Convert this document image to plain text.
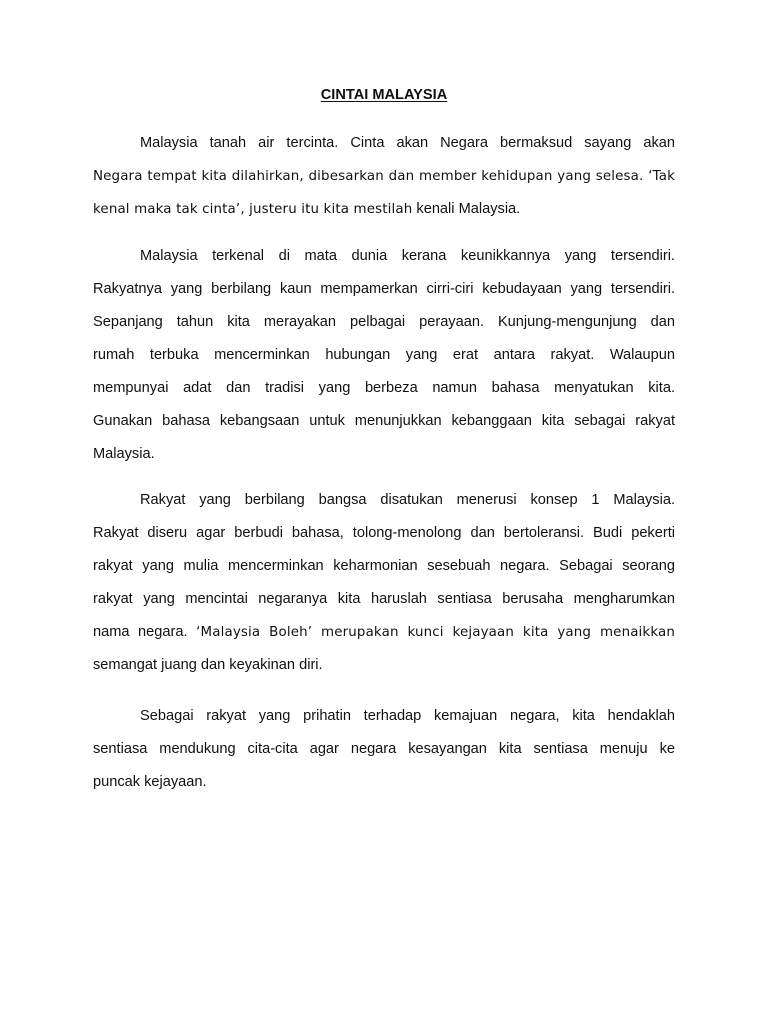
CINTAI MALAYSIA

Malaysia tanah air tercinta. Cinta akan Negara bermaksud sayang akan
Negara tempat kita dilahirkan, dibesarkan dan member kehidupan yang selesa. ‘Tak
kenal maka tak cinta’, justeru itu kita mestilah kenali Malaysia.

Malaysia terkenal di mata dunia kerana keunikkannya yang tersendiri.
Rakyatnya yang berbilang kaun mempamerkan cirri-ciri kebudayaan yang tersendiri.
Sepanjang tahun kita merayakan pelbagai perayaan. Kunjung-mengunjung dan
rumah terbuka mencerminkan hubungan yang erat antara rakyat. Walaupun
mempunyai adat dan tradisi yang berbeza namun bahasa menyatukan kita.
Gunakan bahasa kebangsaan untuk menunjukkan kebanggaan kita sebagai rakyat
Malaysia.

Rakyat yang berbilang bangsa disatukan menerusi konsep 1 Malaysia.
Rakyat diseru agar berbudi bahasa, tolong-menolong dan bertoleransi. Budi pekerti
rakyat yang mulia mencerminkan keharmonian sesebuah negara. Sebagai seorang
rakyat yang mencintai negaranya kita haruslah sentiasa berusaha mengharumkan
nama negara. ‘Malaysia Boleh’ merupakan kunci kejayaan kita yang menaikkan
semangat juang dan keyakinan diri.

Sebagai rakyat yang prihatin terhadap kemajuan negara, kita hendaklah
sentiasa mendukung cita-cita agar negara kesayangan kita sentiasa menuju ke
puncak kejayaan.
